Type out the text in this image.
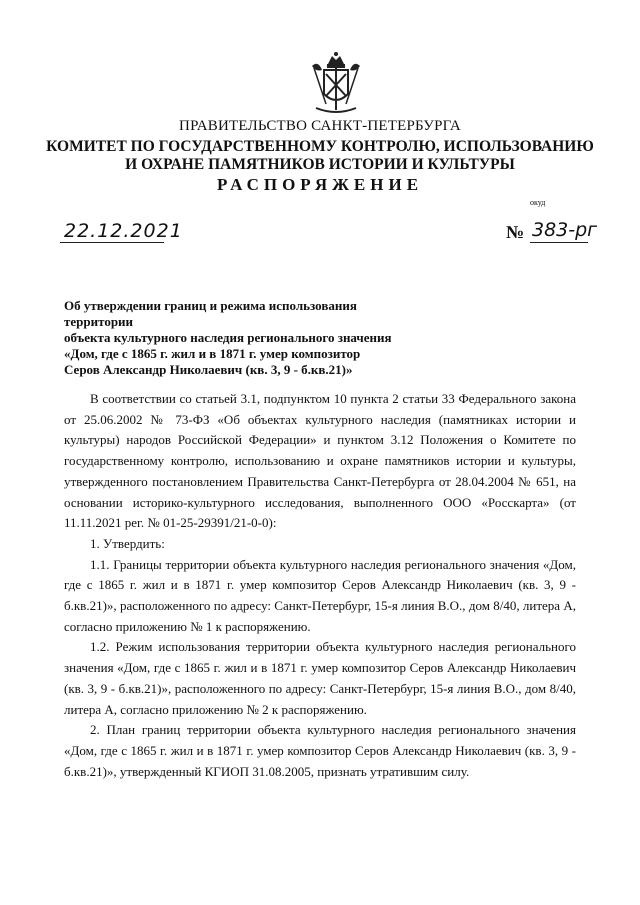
ПРАВИТЕЛЬСТВО САНКТ-ПЕТЕРБУРГА
КОМИТЕТ ПО ГОСУДАРСТВЕННОМУ КОНТРОЛЮ, ИСПОЛЬЗОВАНИЮ
И ОХРАНЕ ПАМЯТНИКОВ ИСТОРИИ И КУЛЬТУРЫ
РАСПОРЯЖЕНИЕ
окуд
22.12.2021	№ 383-рг
Об утверждении границ и режима использования территории
объекта культурного наследия регионального значения
«Дом, где с 1865 г. жил и в 1871 г. умер композитор
Серов Александр Николаевич (кв. 3, 9 - б.кв.21)»

В соответствии со статьей 3.1, подпунктом 10 пункта 2 статьи 33 Федерального закона от 25.06.2002 № 73-ФЗ «Об объектах культурного наследия (памятниках истории и культуры) народов Российской Федерации» и пунктом 3.12 Положения о Комитете по государственному контролю, использованию и охране памятников истории и культуры, утвержденного постановлением Правительства Санкт-Петербурга от 28.04.2004 № 651, на основании историко-культурного исследования, выполненного ООО «Росскарта» (от 11.11.2021 рег. № 01-25-29391/21-0-0):

1. Утвердить:

1.1. Границы территории объекта культурного наследия регионального значения «Дом, где с 1865 г. жил и в 1871 г. умер композитор Серов Александр Николаевич (кв. 3, 9 - б.кв.21)», расположенного по адресу: Санкт-Петербург, 15-я линия В.О., дом 8/40, литера А, согласно приложению № 1 к распоряжению.

1.2. Режим использования территории объекта культурного наследия регионального значения «Дом, где с 1865 г. жил и в 1871 г. умер композитор Серов Александр Николаевич (кв. 3, 9 - б.кв.21)», расположенного по адресу: Санкт-Петербург, 15-я линия В.О., дом 8/40, литера А, согласно приложению № 2 к распоряжению.

2. План границ территории объекта культурного наследия регионального значения «Дом, где с 1865 г. жил и в 1871 г. умер композитор Серов Александр Николаевич (кв. 3, 9 - б.кв.21)», утвержденный КГИОП 31.08.2005, признать утратившим силу.
